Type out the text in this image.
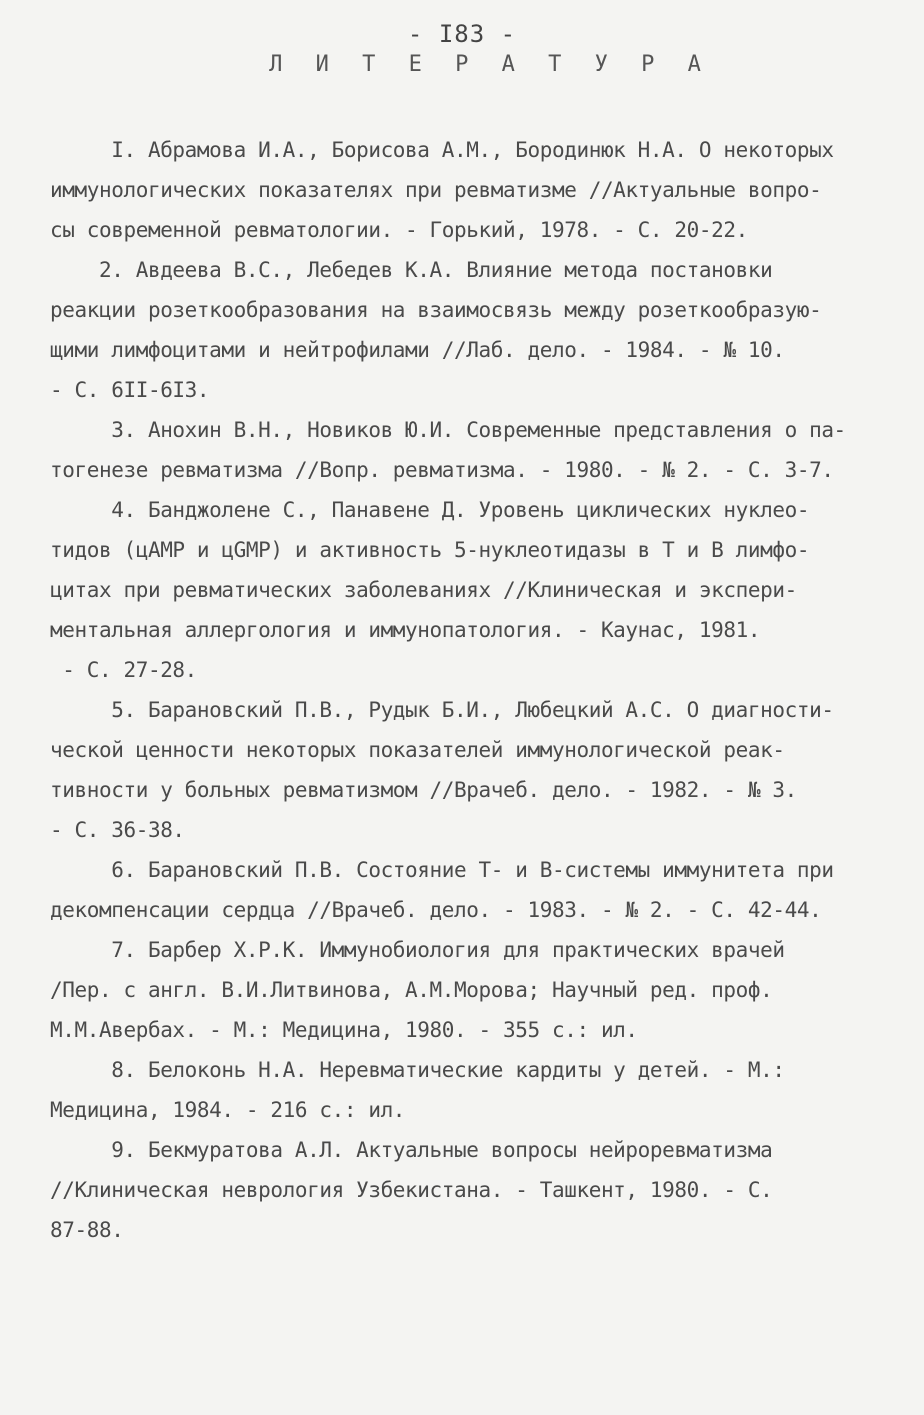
- I83 -
Л И Т Е Р А Т У Р А
I. Абрамова И.А., Борисова А.М., Бородинюк Н.А. О некоторых
иммунологических показателях при ревматизме //Актуальные вопро-
сы современной ревматологии. - Горький, 1978. - С. 20-22.
2. Авдеева В.С., Лебедев К.А. Влияние метода постановки
реакции розеткообразования на взаимосвязь между розеткообразую-
щими лимфоцитами и нейтрофилами //Лаб. дело. - 1984. - № 10.
- С. 6II-6I3.
3. Анохин В.Н., Новиков Ю.И. Современные представления о па-
тогенезе ревматизма //Вопр. ревматизма. - 1980. - № 2. - С. 3-7.
4. Банджолене С., Панавене Д. Уровень циклических нуклео-
тидов (цАМР и цGMP) и активность 5-нуклеотидазы в Т и В лимфо-
цитах при ревматических заболеваниях //Клиническая и экспери-
ментальная аллергология и иммунопатология. - Каунас, 1981.
- С. 27-28.
5. Барановский П.В., Рудык Б.И., Любецкий А.С. О диагности-
ческой ценности некоторых показателей иммунологической реак-
тивности у больных ревматизмом //Врачеб. дело. - 1982. - № 3.
- С. 36-38.
6. Барановский П.В. Состояние Т- и В-системы иммунитета при
декомпенсации сердца //Врачеб. дело. - 1983. - № 2. - С. 42-44.
7. Барбер Х.Р.К. Иммунобиология для практических врачей
/Пер. с англ. В.И.Литвинова, А.М.Морова; Научный ред. проф.
М.М.Авербах. - М.: Медицина, 1980. - 355 с.: ил.
8. Белоконь Н.А. Неревматические кардиты у детей. - М.:
Медицина, 1984. - 216 с.: ил.
9. Бекмуратова А.Л. Актуальные вопросы нейроревматизма
//Клиническая неврология Узбекистана. - Ташкент, 1980. - С.
87-88.
